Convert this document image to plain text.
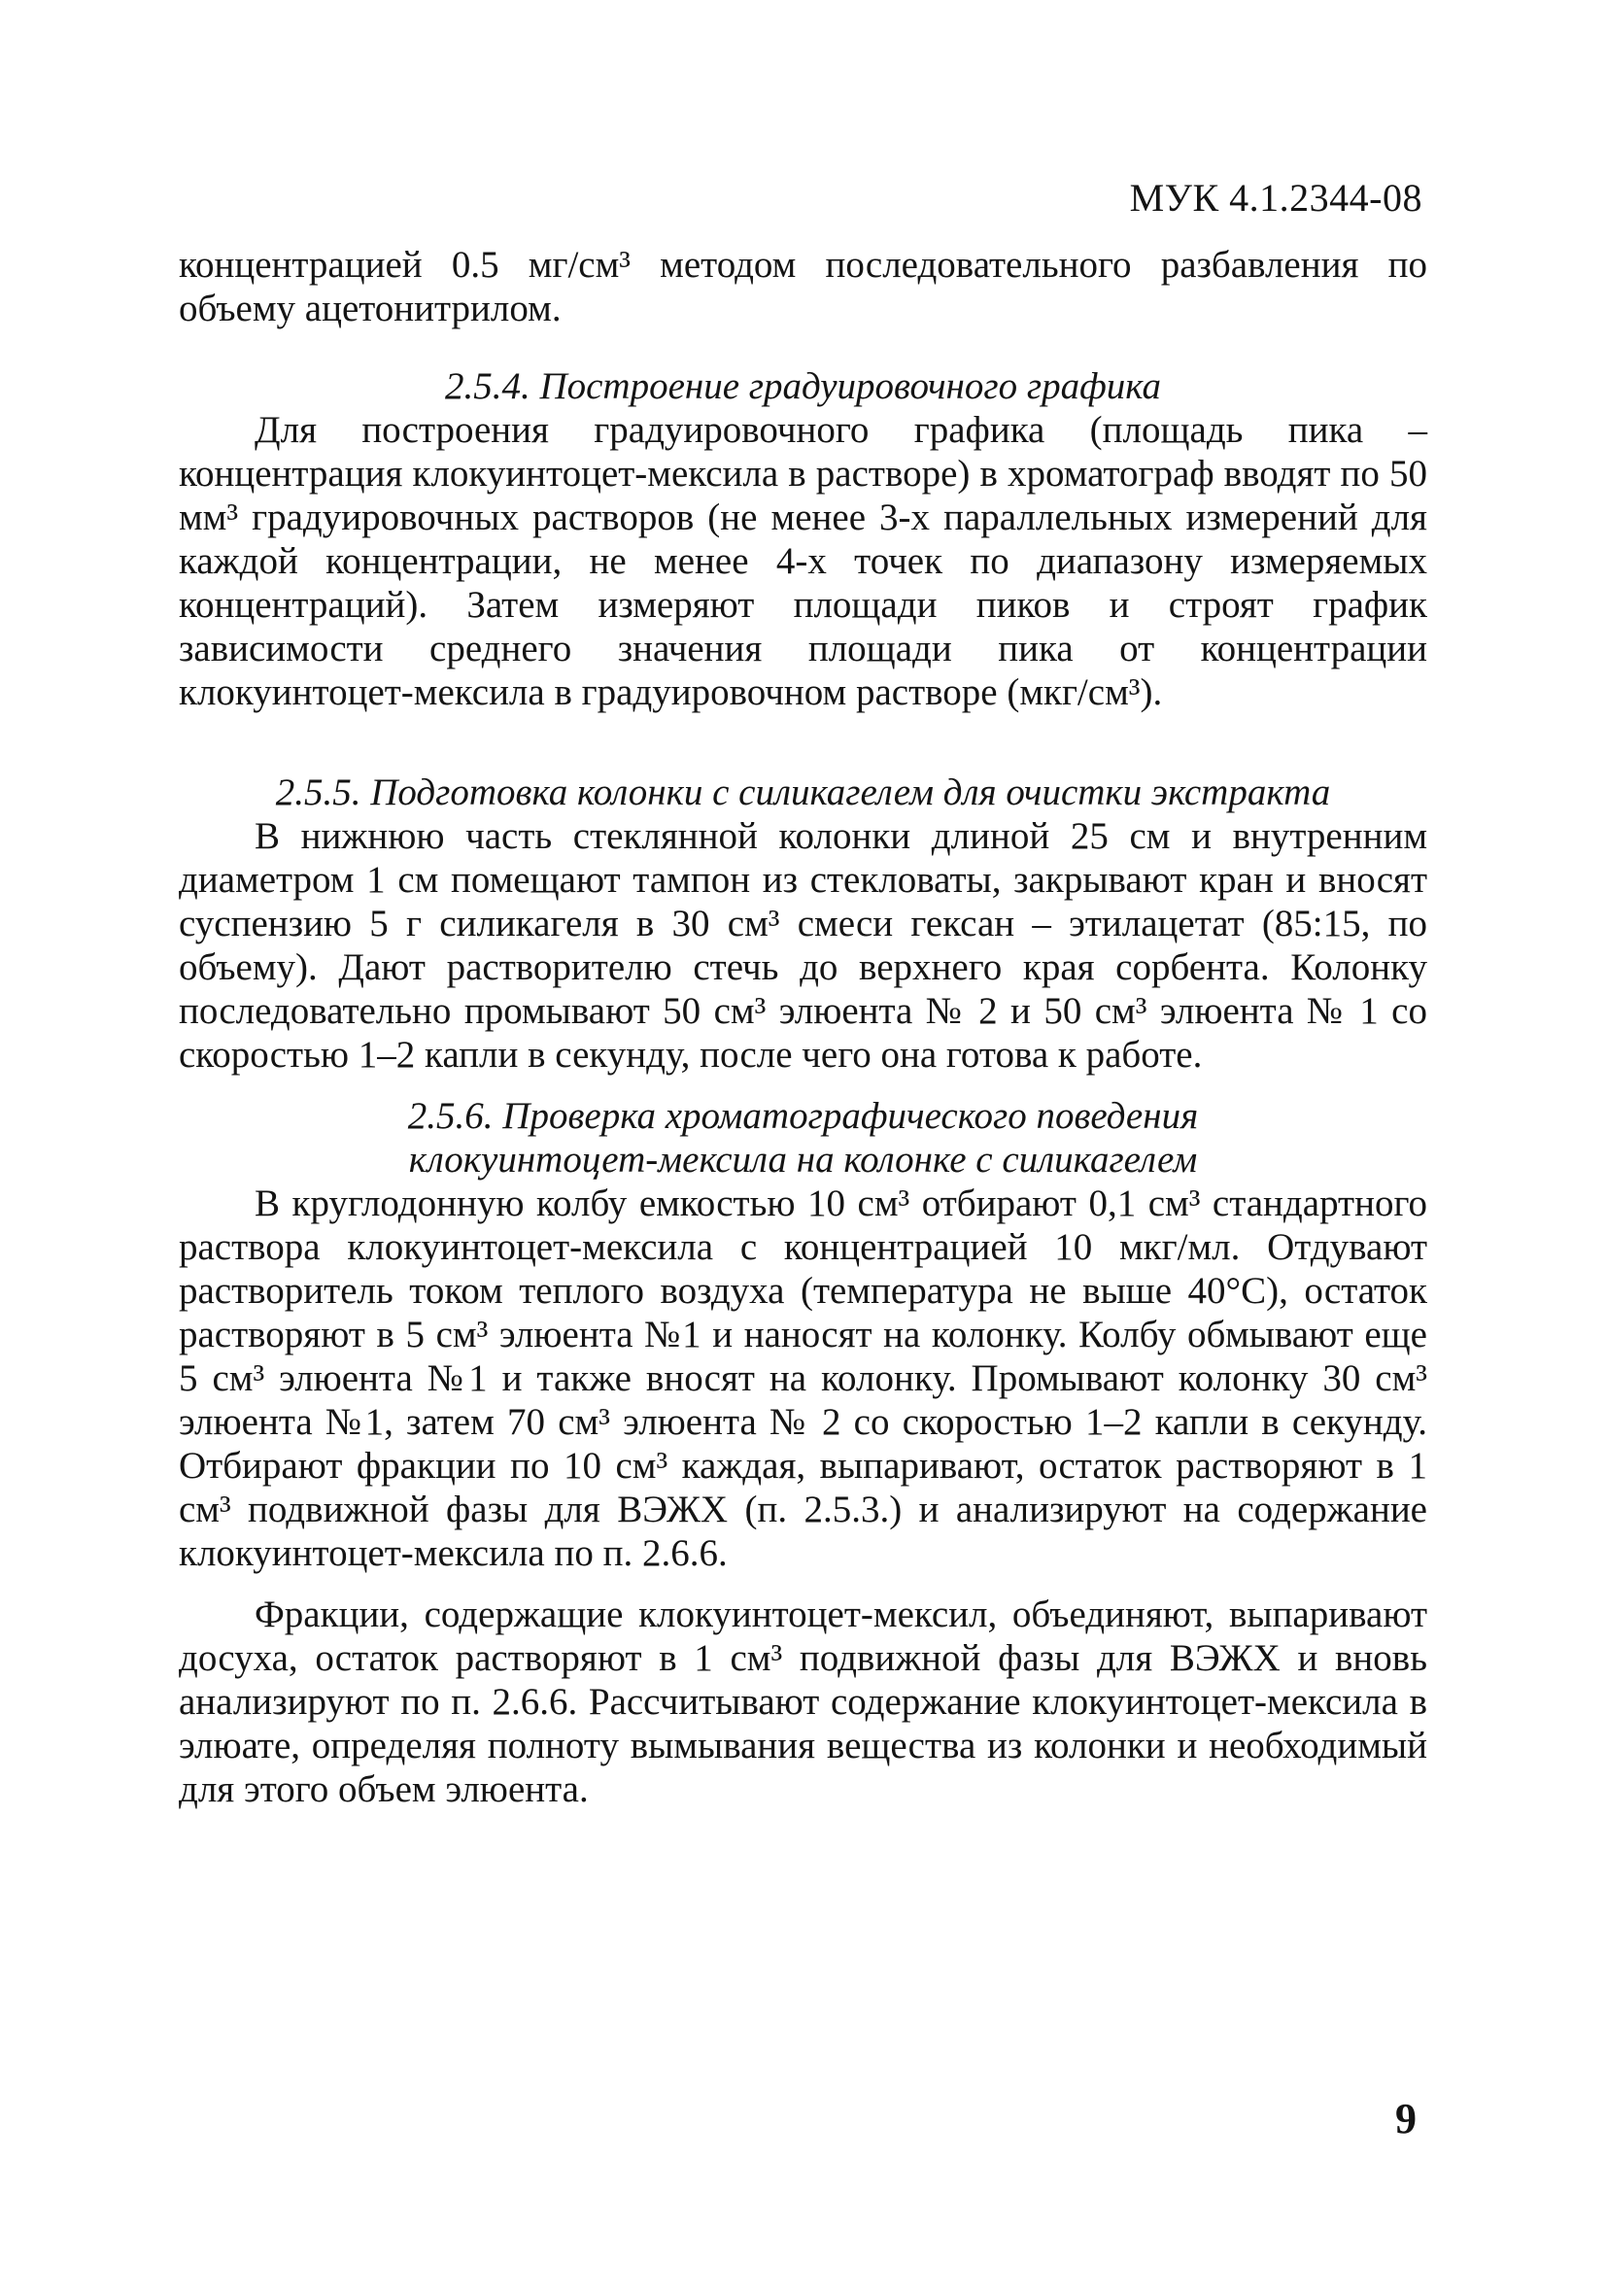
МУК 4.1.2344-08

концентрацией 0.5 мг/см³ методом последовательного разбавления по объему ацетонитрилом.

2.5.4. Построение градуировочного графика

Для построения градуировочного графика (площадь пика – концентрация клокуинтоцет-мексила в растворе) в хроматограф вводят по 50 мм³ градуировочных растворов (не менее 3-х параллельных измерений для каждой концентрации, не менее 4-х точек по диапазону измеряемых концентраций). Затем измеряют площади пиков и строят график зависимости среднего значения площади пика от концентрации клокуинтоцет-мексила в градуировочном растворе (мкг/см³).

2.5.5. Подготовка колонки с силикагелем для очистки экстракта

В нижнюю часть стеклянной колонки длиной 25 см и внутренним диаметром 1 см помещают тампон из стекловаты, закрывают кран и вносят суспензию 5 г силикагеля в 30 см³ смеси гексан – этилацетат (85:15, по объему). Дают растворителю стечь до верхнего края сорбента. Колонку последовательно промывают 50 см³ элюента № 2 и 50 см³ элюента № 1 со скоростью 1–2 капли в секунду, после чего она готова к работе.

2.5.6. Проверка хроматографического поведения

клокуинтоцет-мексила на колонке с силикагелем

В круглодонную колбу емкостью 10 см³ отбирают 0,1 см³ стандартного раствора клокуинтоцет-мексила с концентрацией 10 мкг/мл. Отдувают растворитель током теплого воздуха (температура не выше 40°С), остаток растворяют в 5 см³ элюента №1 и наносят на колонку. Колбу обмывают еще 5 см³ элюента №1 и также вносят на колонку. Промывают колонку 30 см³ элюента №1, затем 70 см³ элюента № 2 со скоростью 1–2 капли в секунду. Отбирают фракции по 10 см³ каждая, выпаривают, остаток растворяют в 1 см³ подвижной фазы для ВЭЖХ (п. 2.5.3.) и анализируют на содержание клокуинтоцет-мексила по п. 2.6.6.

Фракции, содержащие клокуинтоцет-мексил, объединяют, выпаривают досуха, остаток растворяют в 1 см³ подвижной фазы для ВЭЖХ и вновь анализируют по п. 2.6.6. Рассчитывают содержание клокуинтоцет-мексила в элюате, определяя полноту вымывания вещества из колонки и необходимый для этого объем элюента.

9
